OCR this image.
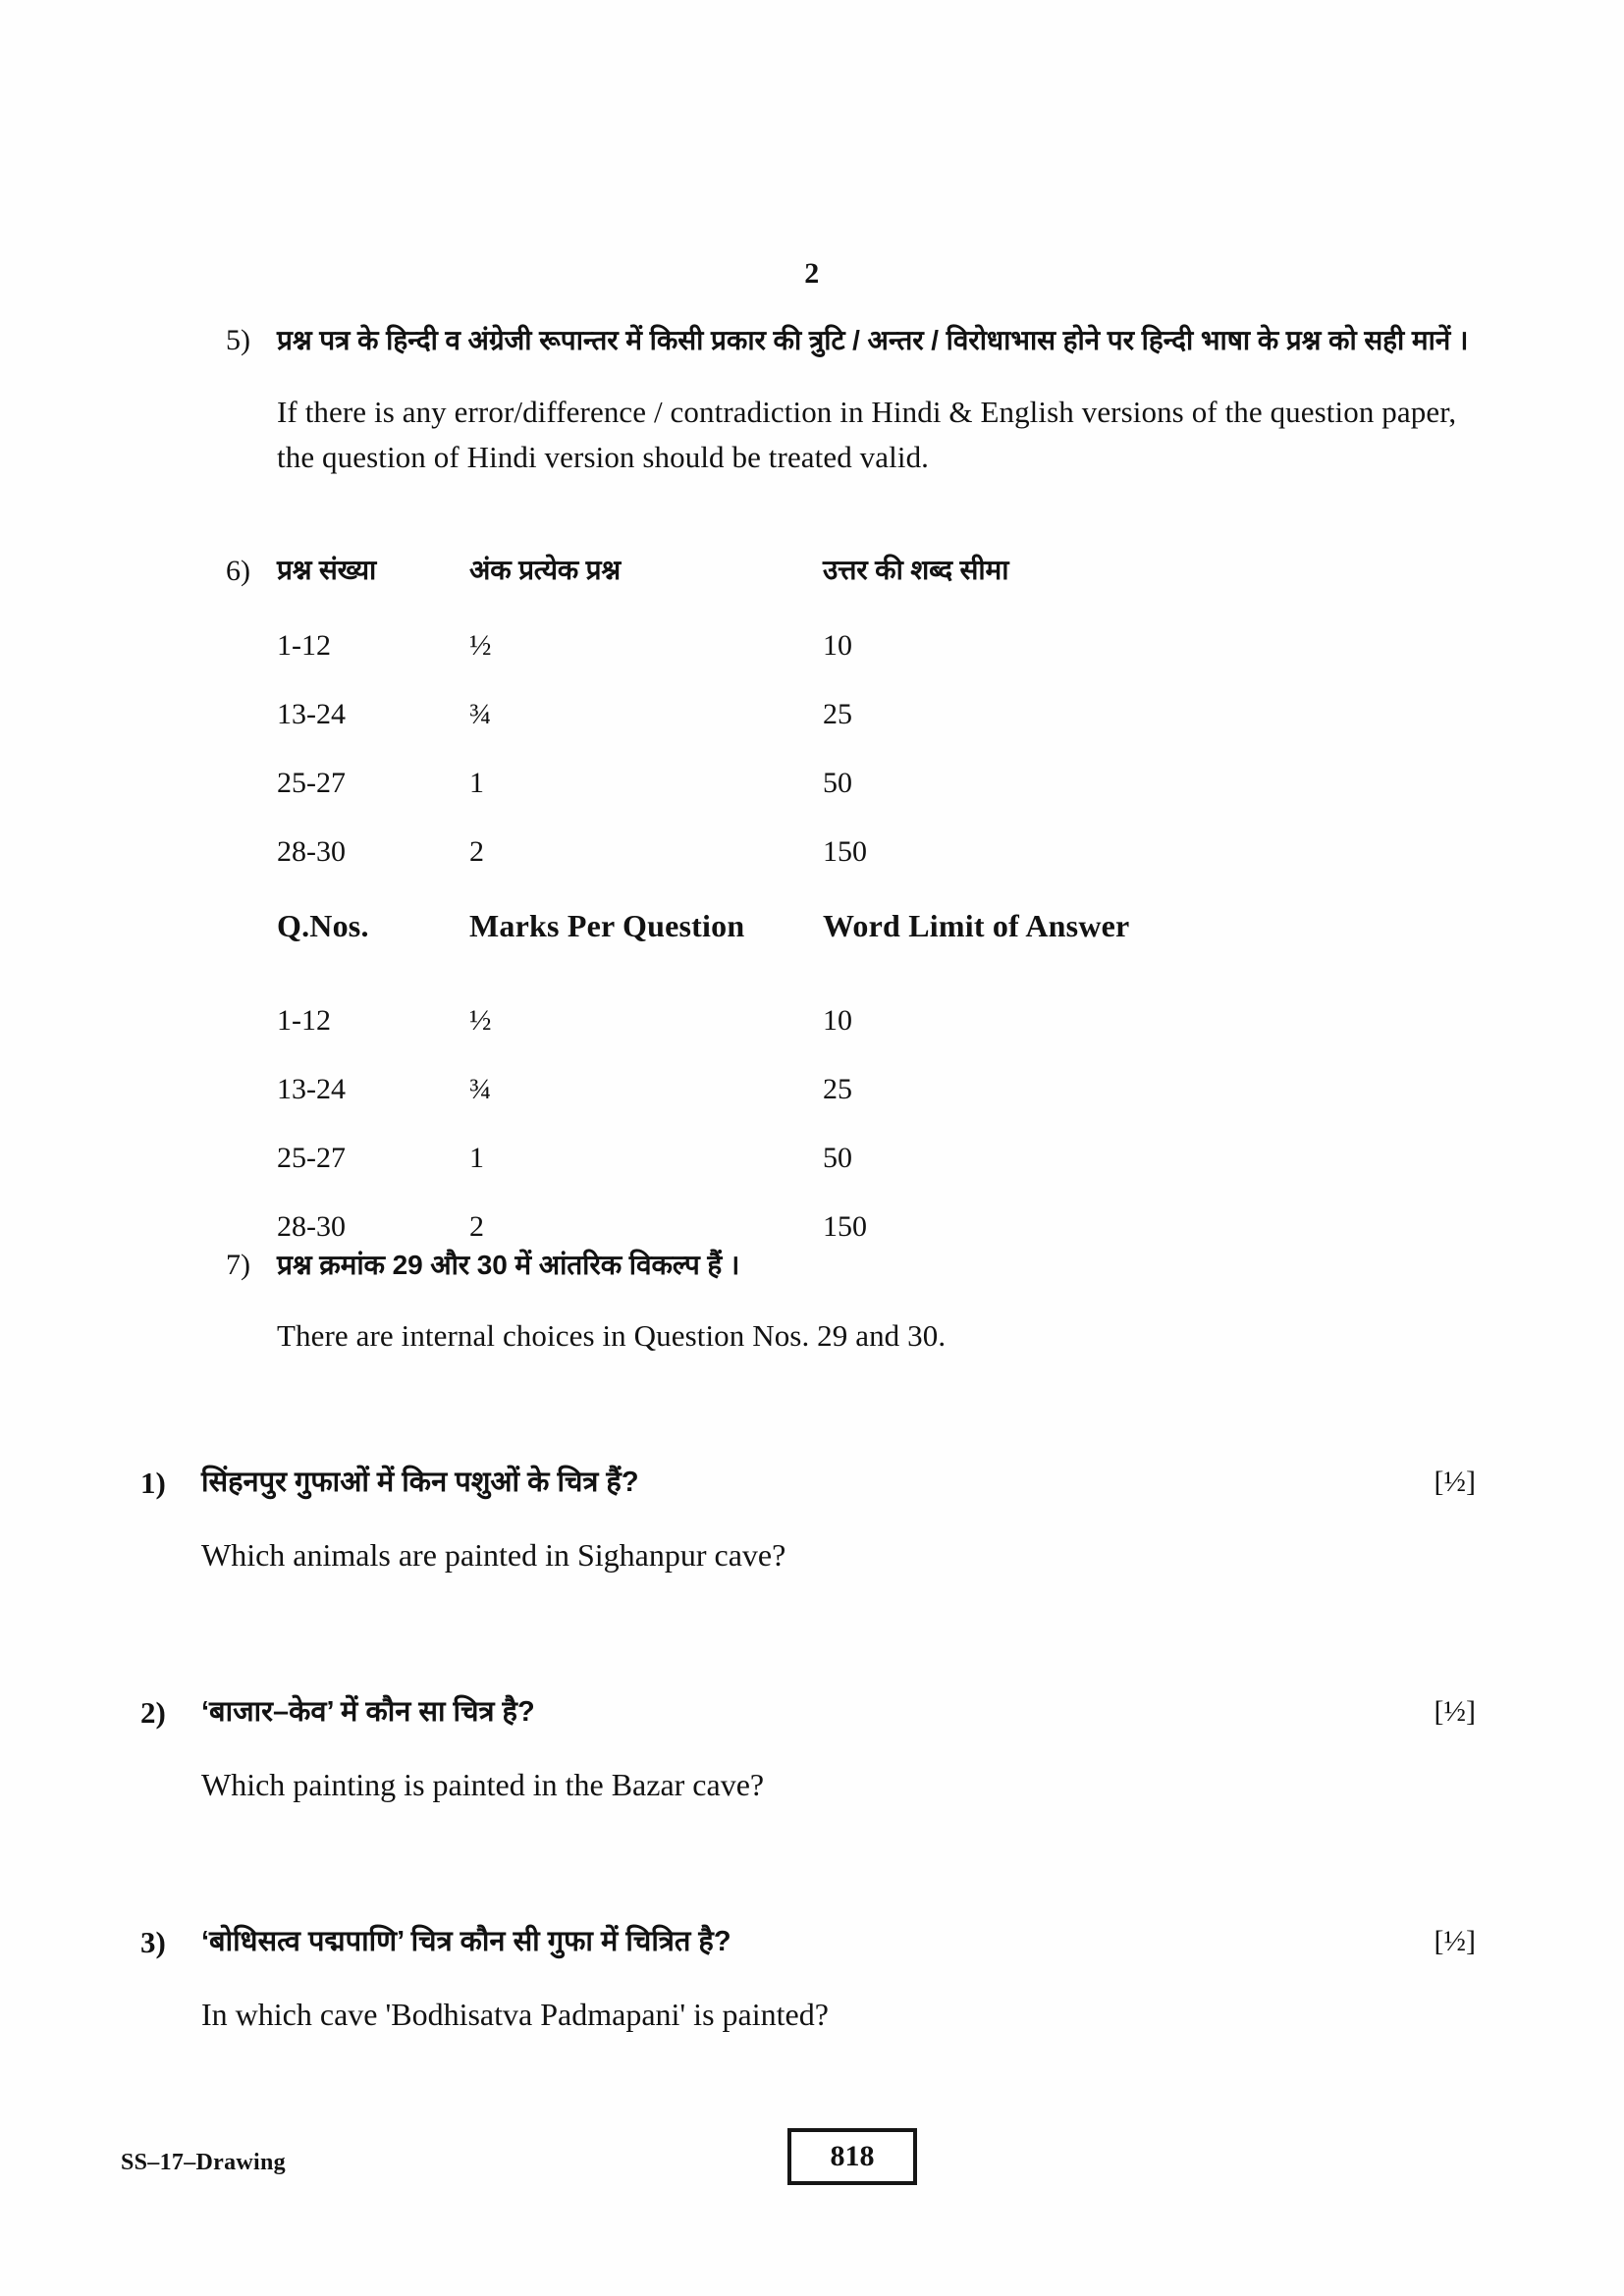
2
5) प्रश्न पत्र के हिन्दी व अंग्रेजी रूपान्तर में किसी प्रकार की त्रुटि / अन्तर / विरोधाभास होने पर हिन्दी भाषा के प्रश्न को सही मानें ।
If there is any error/difference / contradiction in Hindi & English versions of the question paper, the question of Hindi version should be treated valid.
6) प्रश्न संख्या	अंक प्रत्येक प्रश्न	उत्तर की शब्द सीमा
1-12	½	10
13-24	¾	25
25-27	1	50
28-30	2	150
Q.Nos.	Marks Per Question	Word Limit of Answer
1-12	½	10
13-24	¾	25
25-27	1	50
28-30	2	150
7) प्रश्न क्रमांक 29 और 30 में आंतरिक विकल्प हैं ।
There are internal choices in Question Nos. 29 and 30.
1)	सिंहनपुर गुफाओं में किन पशुओं के चित्र हैं?	[½]
Which animals are painted in Sighanpur cave?
2)	‘बाजार–केव’ में कौन सा चित्र है?	[½]
Which painting is painted in the Bazar cave?
3)	‘बोधिसत्व पद्मपाणि’ चित्र कौन सी गुफा में चित्रित है?	[½]
In which cave 'Bodhisatva Padmapani' is painted?
SS–17–Drawing	818
